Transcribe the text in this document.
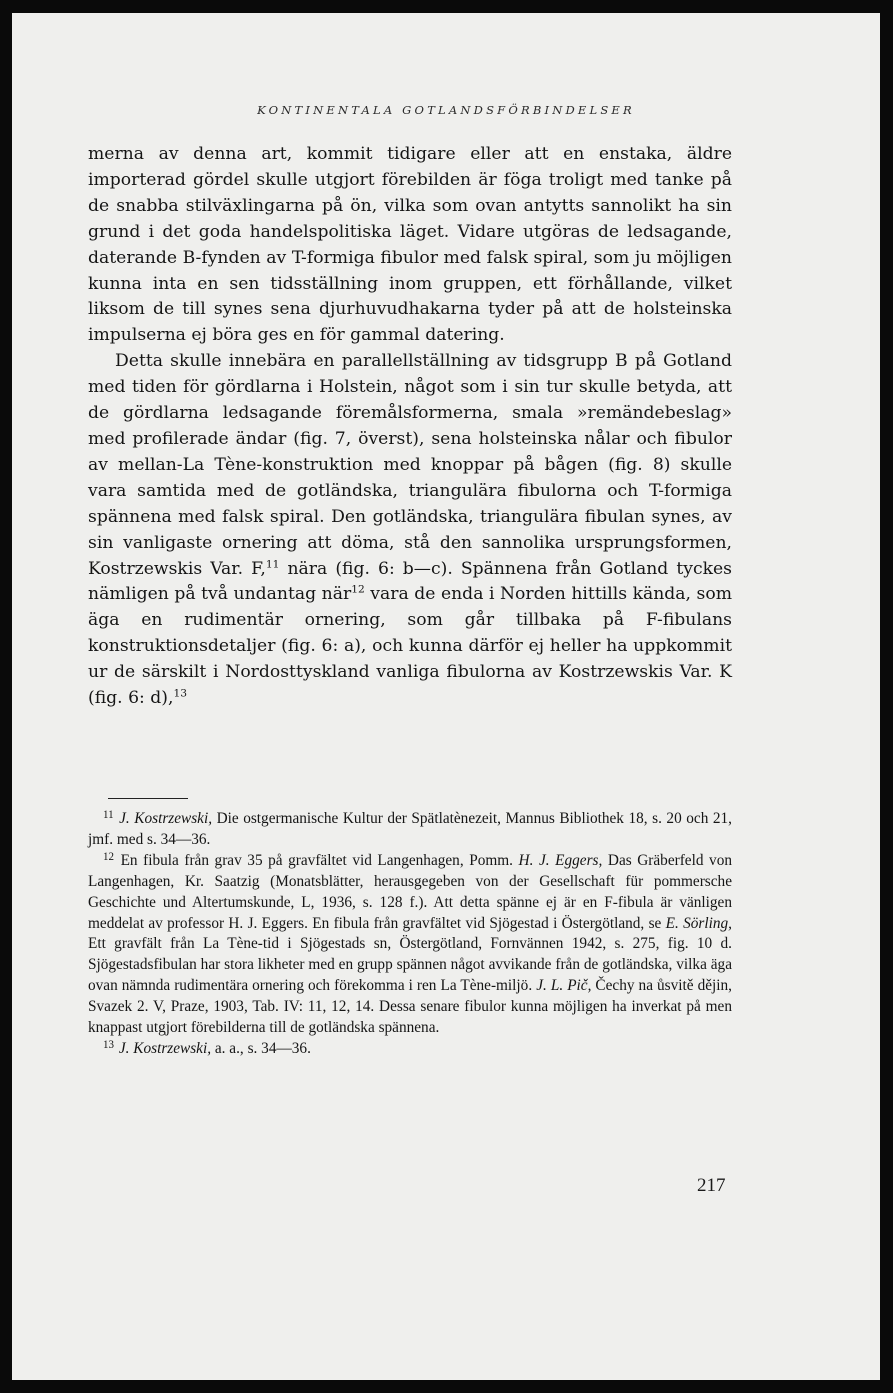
KONTINENTALA GOTLANDSFÖRBINDELSER

merna av denna art, kommit tidigare eller att en enstaka, äldre importerad gördel skulle utgjort förebilden är föga troligt med tanke på de snabba stilväxlingarna på ön, vilka som ovan antytts sannolikt ha sin grund i det goda handelspolitiska läget. Vidare utgöras de ledsagande, daterande B-fynden av T-formiga fibulor med falsk spiral, som ju möjligen kunna inta en sen tidsställning inom gruppen, ett förhållande, vilket liksom de till synes sena djurhuvudhakarna tyder på att de holsteinska impulserna ej böra ges en för gammal datering.

Detta skulle innebära en parallellställning av tidsgrupp B på Gotland med tiden för gördlarna i Holstein, något som i sin tur skulle betyda, att de gördlarna ledsagande föremålsformerna, smala »remändebeslag» med profilerade ändar (fig. 7, överst), sena holsteinska nålar och fibulor av mellan-La Tène-konstruktion med knoppar på bågen (fig. 8) skulle vara samtida med de gotländska, triangulära fibulorna och T-formiga spännena med falsk spiral. Den gotländska, triangulära fibulan synes, av sin vanligaste ornering att döma, stå den sannolika ursprungsformen, Kostrzewskis Var. F,$^{11}$ nära (fig. 6: b—c). Spännena från Gotland tyckes nämligen på två undantag när$^{12}$ vara de enda i Norden hittills kända, som äga en rudimentär ornering, som går tillbaka på F-fibulans konstruktionsdetaljer (fig. 6: a), och kunna därför ej heller ha uppkommit ur de särskilt i Nordosttyskland vanliga fibulorna av Kostrzewskis Var. K (fig. 6: d),$^{13}$

$^{11}$ J. Kostrzewski, Die ostgermanische Kultur der Spätlatènezeit, Mannus Bibliothek 18, s. 20 och 21, jmf. med s. 34—36.

$^{12}$ En fibula från grav 35 på gravfältet vid Langenhagen, Pomm. H. J. Eggers, Das Gräberfeld von Langenhagen, Kr. Saatzig (Monatsblätter, herausgegeben von der Gesellschaft für pommersche Geschichte und Altertumskunde, L, 1936, s. 128 f.). Att detta spänne ej är en F-fibula är vänligen meddelat av professor H. J. Eggers. En fibula från gravfältet vid Sjögestad i Östergötland, se E. Sörling, Ett gravfält från La Tène-tid i Sjögestads sn, Östergötland, Fornvännen 1942, s. 275, fig. 10 d. Sjögestadsfibulan har stora likheter med en grupp spännen något avvikande från de gotländska, vilka äga ovan nämnda rudimentära ornering och förekomma i ren La Tène-miljö. J. L. Pič, Čechy na ůsvitě dějin, Svazek 2. V, Praze, 1903, Tab. IV: 11, 12, 14. Dessa senare fibulor kunna möjligen ha inverkat på men knappast utgjort förebilderna till de gotländska spännena.

$^{13}$ J. Kostrzewski, a. a., s. 34—36.

217
